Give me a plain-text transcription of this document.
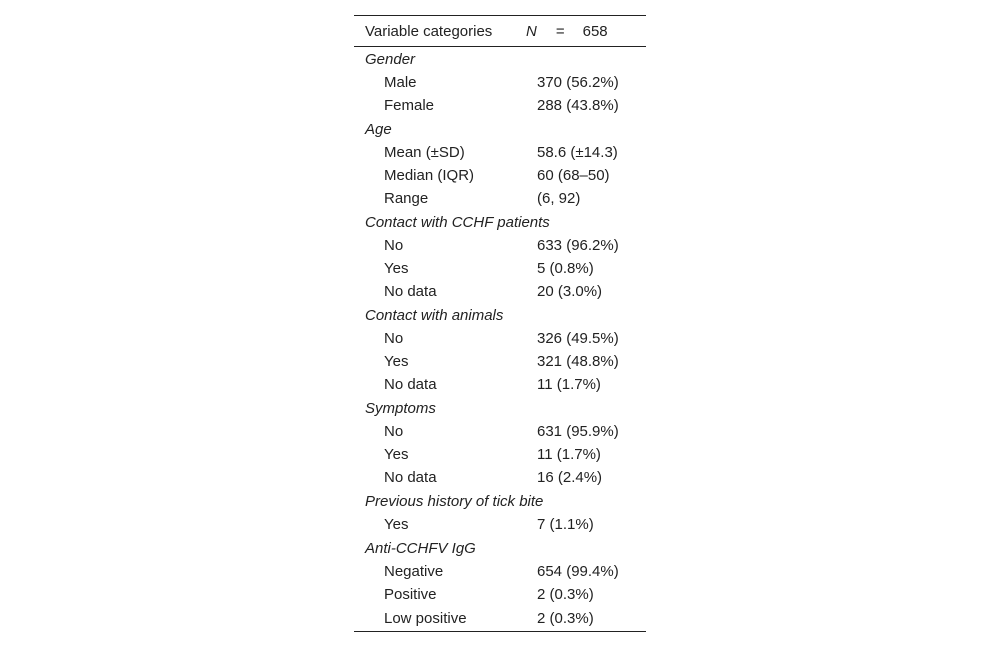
Variable categories	N = 658
Gender	
Male	370 (56.2%)
Female	288 (43.8%)
Age	
Mean (±SD)	58.6 (±14.3)
Median (IQR)	60 (68–50)
Range	(6, 92)
Contact with CCHF patients	
No	633 (96.2%)
Yes	5 (0.8%)
No data	20 (3.0%)
Contact with animals	
No	326 (49.5%)
Yes	321 (48.8%)
No data	11 (1.7%)
Symptoms	
No	631 (95.9%)
Yes	11 (1.7%)
No data	16 (2.4%)
Previous history of tick bite	
Yes	7 (1.1%)
Anti-CCHFV IgG	
Negative	654 (99.4%)
Positive	2 (0.3%)
Low positive	2 (0.3%)
